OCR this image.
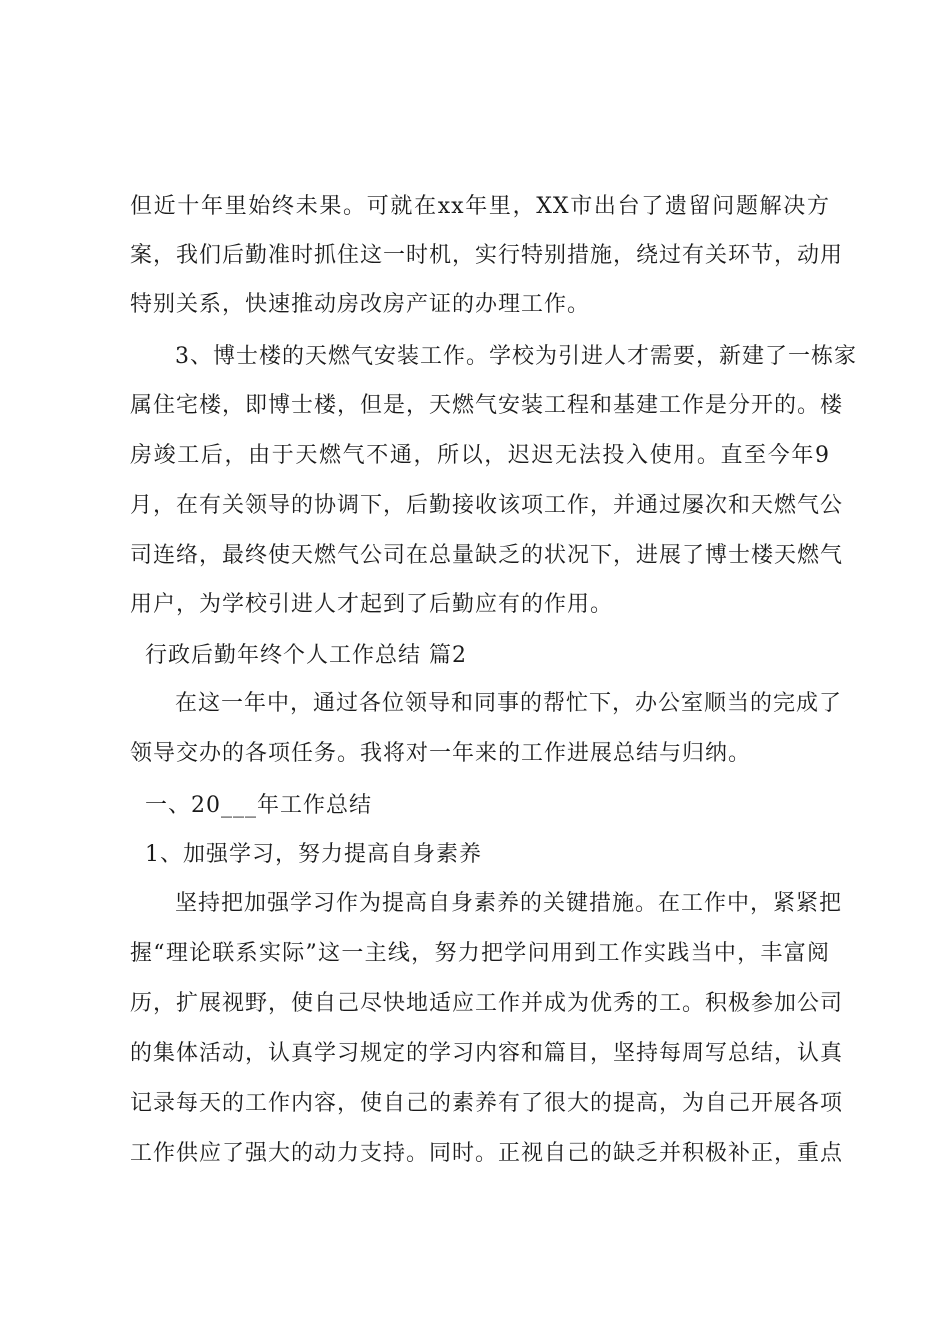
但近十年里始终未果。可就在xx年里，XX市出台了遗留问题解决方
案，我们后勤准时抓住这一时机，实行特别措施，绕过有关环节，动用
特别关系，快速推动房改房产证的办理工作。
3、博士楼的天燃气安装工作。学校为引进人才需要，新建了一栋家
属住宅楼，即博士楼，但是，天燃气安装工程和基建工作是分开的。楼
房竣工后，由于天燃气不通，所以，迟迟无法投入使用。直至今年9
月，在有关领导的协调下，后勤接收该项工作，并通过屡次和天燃气公
司连络，最终使天燃气公司在总量缺乏的状况下，进展了博士楼天燃气
用户，为学校引进人才起到了后勤应有的作用。
行政后勤年终个人工作总结 篇2
在这一年中，通过各位领导和同事的帮忙下，办公室顺当的完成了
领导交办的各项任务。我将对一年来的工作进展总结与归纳。
一、20___年工作总结
1、加强学习，努力提高自身素养
坚持把加强学习作为提高自身素养的关键措施。在工作中，紧紧把
握“理论联系实际”这一主线，努力把学问用到工作实践当中，丰富阅
历，扩展视野，使自己尽快地适应工作并成为优秀的工。积极参加公司
的集体活动，认真学习规定的学习内容和篇目，坚持每周写总结，认真
记录每天的工作内容，使自己的素养有了很大的提高，为自己开展各项
工作供应了强大的动力支持。同时。正视自己的缺乏并积极补正，重点
